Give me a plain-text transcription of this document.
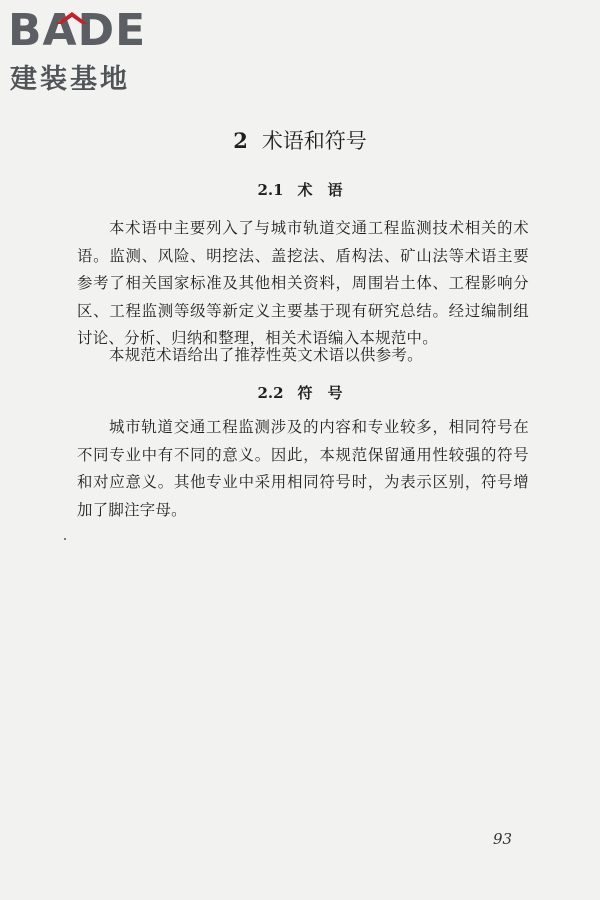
BADE
建装基地
2 术语和符号
2.1 术　语

本术语中主要列入了与城市轨道交通工程监测技术相关的术语。监测、风险、明挖法、盖挖法、盾构法、矿山法等术语主要参考了相关国家标准及其他相关资料，周围岩土体、工程影响分区、工程监测等级等新定义主要基于现有研究总结。经过编制组讨论、分析、归纳和整理，相关术语编入本规范中。

本规范术语给出了推荐性英文术语以供参考。

2.2 符　号

城市轨道交通工程监测涉及的内容和专业较多，相同符号在不同专业中有不同的意义。因此，本规范保留通用性较强的符号和对应意义。其他专业中采用相同符号时，为表示区别，符号增加了脚注字母。

93
